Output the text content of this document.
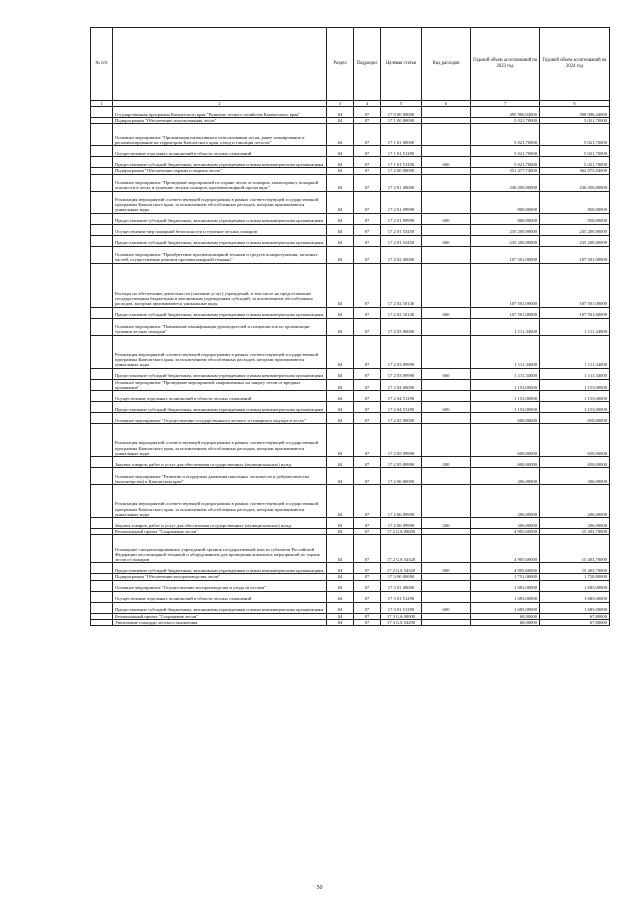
№ п/п		Раздел	Подраздел	Целевая статья	Вид расходов	Годовой объем ассигнований на 2023 год	Годовой объем ассигнований на 2024 год
1	2	3	4	5	6	7	8
	Государственная программа Камчатского края "Развитие лесного хозяйства Камчатского края"	04	07	17 0 00 00000		495 960,04000	508 096,44000
	Подпрограмма "Обеспечение использования лесов"	04	07	17 1 00 00000		5 021,70000	5 021,70000
	Основное мероприятие "Организация интенсивного использования лесов, ранее планирование и регламентирование на территории Камчатского края, отвод и таксация лесосек"	04	07	17 1 01 00000		5 021,70000	5 021,70000
	Осуществление отдельных полномочий в области лесных отношений	04	07	17 1 01 51290		5 021,70000	5 021,70000
	Предоставление субсидий бюджетным, автономным учреждениям и иным некоммерческим организациям	04	07	17 1 01 51290	600	5 021,70000	5 021,70000
	Подпрограмма "Обеспечение охраны и защиты лесов"	04	07	17 2 00 00000		351 477,74000	362 075,84000
	Основное мероприятие "Проведение мероприятий по охране лесов от пожаров, мониторингу пожарной опасности в лесах и тушению лесных пожаров, противопожарной пропаганде"	04	07	17 2 01 00000		236 000,80000	236 050,80000
	Реализация мероприятий соответствующей подпрограммы в рамках соответствующей государственной программы Камчатского края, за исключением обособленных расходов, которым присваиваются уникальные коды	04	07	17 2 01 09990		800,00000	850,00000
	Предоставление субсидий бюджетным, автономным учреждениям и иным некоммерческим организациям	04	07	17 2 01 09990	600	800,00000	850,00000
	Осуществление мер пожарной безопасности и тушение лесных пожаров	04	07	17 2 01 53450		235 200,80000	235 200,80000
	Предоставление субсидий бюджетным, автономным учреждениям и иным некоммерческим организациям	04	07	17 2 01 53450	600	235 200,80000	235 200,80000
	Основное мероприятие "Приобретение противопожарной техники и средств пожаротушения, запасных частей, осуществление ремонта противопожарной техники"	04	07	17 2 02 00000		107 501,00000	107 501,00000
	Расходы на обеспечение деятельности (оказание услуг) учреждений, в том числе на предоставление государственным бюджетным и автономным учреждениям субсидий, за исключением обособленных расходов, которым присваиваются уникальные коды	04	07	17 2 02 10140		107 501,00000	107 501,00000
	Предоставление субсидий бюджетным, автономным учреждениям и иным некоммерческим организациям	04	07	17 2 02 10140	600	107 501,00000	107 501,00000
	Основное мероприятие "Повышение квалификации руководителей и специалистов по организации тушения лесных пожаров"	04	07	17 2 03 00000		1 111,34000	1 111,34000
	Реализация мероприятий соответствующей подпрограммы в рамках соответствующей государственной программы Камчатского края, за исключением обособленных расходов, которым присваиваются уникальные коды	04	07	17 2 03 09990		1 111,34000	1 111,34000
	Предоставление субсидий бюджетным, автономным учреждениям и иным некоммерческим организациям	04	07	17 2 03 09990	600	1 111,34000	1 111,34000
	Основное мероприятие "Проведение мероприятий, направленных на защиту лесов от вредных организмов"	04	07	17 2 04 00000		1 153,00000	1 153,00000
	Осуществление отдельных полномочий в области лесных отношений	04	07	17 2 04 51290		1 153,00000	1 153,00000
	Предоставление субсидий бюджетным, автономным учреждениям и иным некоммерческим организациям	04	07	17 2 04 51290	600	1 153,00000	1 153,00000
	Основное мероприятие "Осуществление государственного лесного и пожарного надзора в лесах"	04	07	17 2 05 00000		600,00000	650,00000
	Реализация мероприятий соответствующей подпрограммы в рамках соответствующей государственной программы Камчатского края, за исключением обособленных расходов, которым присваиваются уникальные коды	04	07	17 2 05 09990		600,00000	650,00000
	Закупка товаров, работ и услуг для обеспечения государственных (муниципальных) нужд	04	07	17 2 05 09990	200	600,00000	650,00000
	Основное мероприятие "Развитие и поддержка движения школьных лесничеств и добровольчества (волонтерства) в Камчатском крае"	04	07	17 2 06 00000		206,00000	206,00000
	Реализация мероприятий соответствующей подпрограммы в рамках соответствующей государственной программы Камчатского края, за исключением обособленных расходов, которым присваиваются уникальные коды	04	07	17 2 06 09990		206,00000	206,00000
	Закупка товаров, работ и услуг для обеспечения государственных (муниципальных) нужд	04	07	17 2 06 09990	200	206,00000	206,00000
	Региональный проект "Сохранение лесов"	04	07	17 2 GA 00000		4 905,60000	15 403,70000
	Оснащение специализированных учреждений органов государственной власти субъектов Российской Федерации лесопожарной техникой и оборудованием для проведения комплекса мероприятий по охране лесов от пожаров	04	07	17 2 GA 54320		4 905,60000	15 403,70000
	Предоставление субсидий бюджетным, автономным учреждениям и иным некоммерческим организациям	04	07	17 2 GA 54320	600	4 905,60000	15 403,70000
	Подпрограмма "Обеспечение воспроизводства лесов"	04	07	17 3 00 00000		1 751,00000	1 750,80000
	Основное мероприятие "Осуществление воспроизводства и ухода за лесами"	04	07	17 3 01 00000		1 683,00000	1 683,00000
	Осуществление отдельных полномочий в области лесных отношений	04	07	17 3 01 51290		1 683,00000	1 683,00000
	Предоставление субсидий бюджетным, автономным учреждениям и иным некоммерческим организациям	04	07	17 3 01 51290	600	1 683,00000	1 683,00000
	Региональный проект "Сохранение лесов"	04	07	17 3 GA 00000		68,00000	67,80000
	Увеличение площади лесовосстановления	04	07	17 3 GA 54290		68,00000	67,80000
50
